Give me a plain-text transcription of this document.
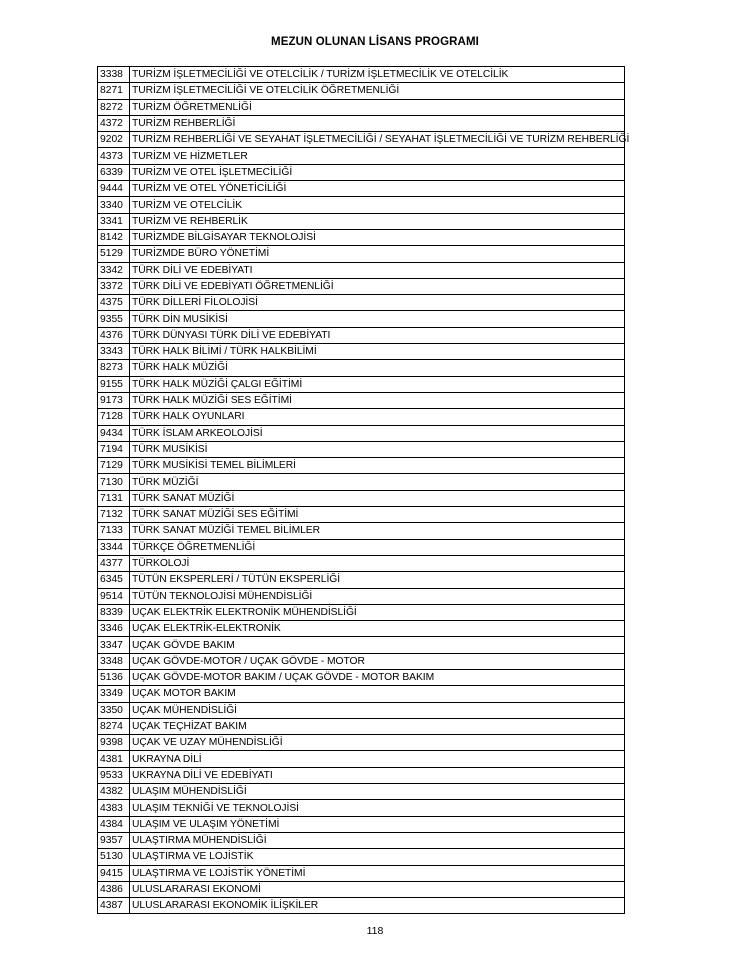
MEZUN OLUNAN LİSANS PROGRAMI
3338	TURİZM İŞLETMECİLİĞİ VE OTELCİLİK / TURİZM İŞLETMECİLİK VE OTELCİLİK
8271	TURİZM İŞLETMECİLİĞİ VE OTELCİLİK ÖĞRETMENLİĞİ
8272	TURİZM ÖĞRETMENLİĞİ
4372	TURİZM REHBERLİĞİ
9202	TURİZM REHBERLİĞİ VE SEYAHAT İŞLETMECİLİĞİ / SEYAHAT İŞLETMECİLİĞİ VE TURİZM REHBERLİĞİ
4373	TURİZM VE HİZMETLER
6339	TURİZM VE OTEL İŞLETMECİLİĞİ
9444	TURİZM VE OTEL YÖNETİCİLİĞİ
3340	TURİZM VE OTELCİLİK
3341	TURİZM VE REHBERLİK
8142	TURİZMDE BİLGİSAYAR TEKNOLOJİSİ
5129	TURİZMDE BÜRO YÖNETİMİ
3342	TÜRK DİLİ VE EDEBİYATI
3372	TÜRK DİLİ VE EDEBİYATI ÖĞRETMENLİĞİ
4375	TÜRK DİLLERİ FİLOLOJİSİ
9355	TÜRK DİN MUSİKİSİ
4376	TÜRK DÜNYASI TÜRK DİLİ VE EDEBİYATI
3343	TÜRK HALK BİLİMİ / TÜRK HALKBİLİMİ
8273	TÜRK HALK MÜZİĞİ
9155	TÜRK HALK MÜZİĞİ ÇALGI EĞİTİMİ
9173	TÜRK HALK MÜZİĞİ SES EĞİTİMİ
7128	TÜRK HALK OYUNLARI
9434	TÜRK İSLAM ARKEOLOJİSİ
7194	TÜRK MUSİKİSİ
7129	TÜRK MUSİKİSİ TEMEL BİLİMLERİ
7130	TÜRK MÜZİĞİ
7131	TÜRK SANAT MÜZİĞİ
7132	TÜRK SANAT MÜZİĞİ SES EĞİTİMİ
7133	TÜRK SANAT MÜZİĞİ TEMEL BİLİMLER
3344	TÜRKÇE ÖĞRETMENLİĞİ
4377	TÜRKOLOJİ
6345	TÜTÜN EKSPERLERİ / TÜTÜN EKSPERLİĞİ
9514	TÜTÜN TEKNOLOJİSİ MÜHENDİSLİĞİ
8339	UÇAK ELEKTRİK ELEKTRONİK MÜHENDİSLİĞİ
3346	UÇAK ELEKTRİK-ELEKTRONİK
3347	UÇAK GÖVDE BAKIM
3348	UÇAK GÖVDE-MOTOR / UÇAK GÖVDE - MOTOR
5136	UÇAK GÖVDE-MOTOR BAKIM / UÇAK GÖVDE - MOTOR BAKIM
3349	UÇAK MOTOR BAKIM
3350	UÇAK MÜHENDİSLİĞİ
8274	UÇAK TEÇHİZAT BAKIM
9398	UÇAK VE UZAY MÜHENDİSLİĞİ
4381	UKRAYNA DİLİ
9533	UKRAYNA DİLİ VE EDEBİYATI
4382	ULAŞIM MÜHENDİSLİĞİ
4383	ULAŞIM TEKNİĞİ VE TEKNOLOJİSİ
4384	ULAŞIM VE ULAŞIM YÖNETİMİ
9357	ULAŞTIRMA MÜHENDİSLİĞİ
5130	ULAŞTIRMA VE LOJİSTİK
9415	ULAŞTIRMA VE LOJİSTİK YÖNETİMİ
4386	ULUSLARARASI EKONOMİ
4387	ULUSLARARASI EKONOMİK İLİŞKİLER
118
